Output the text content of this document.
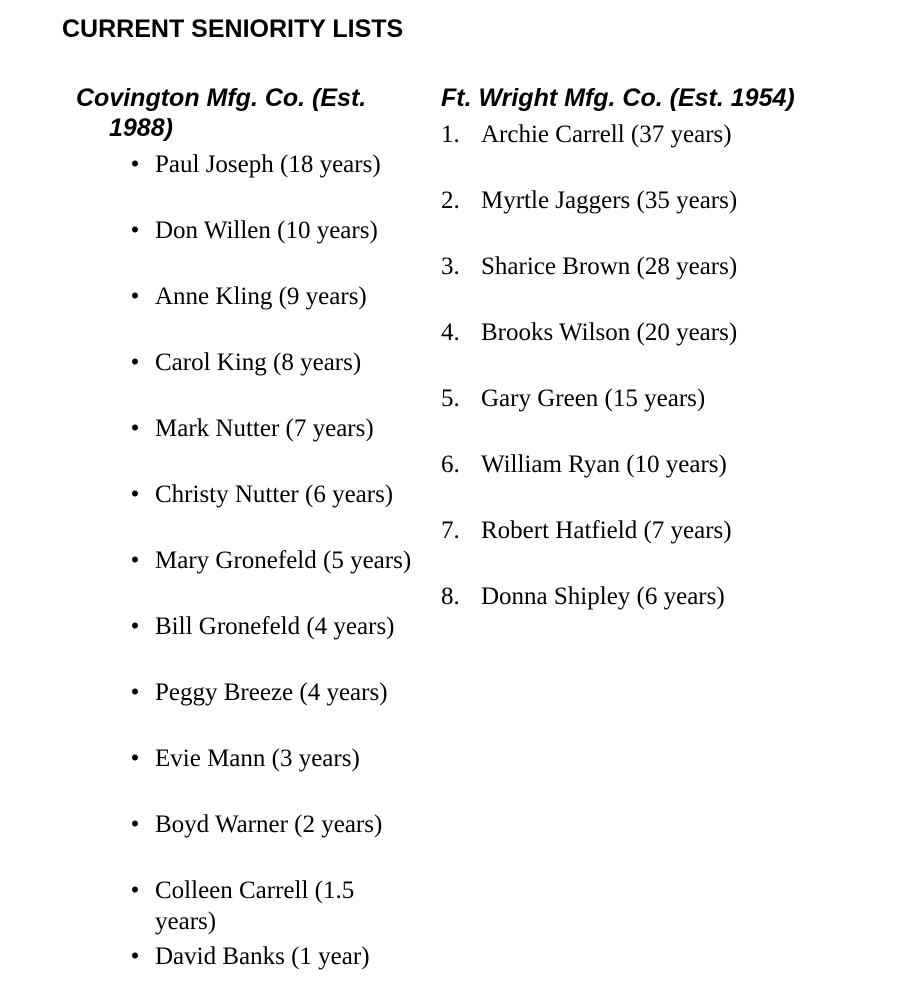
CURRENT SENIORITY LISTS
Covington Mfg. Co. (Est. 1988)
• Paul Joseph (18 years)
• Don Willen (10 years)
• Anne Kling (9 years)
• Carol King (8 years)
• Mark Nutter (7 years)
• Christy Nutter (6 years)
• Mary Gronefeld (5 years)
• Bill Gronefeld (4 years)
• Peggy Breeze (4 years)
• Evie Mann (3 years)
• Boyd Warner (2 years)
• Colleen Carrell (1.5 years)
• David Banks (1 year)
Ft. Wright Mfg. Co. (Est. 1954)
1. Archie Carrell (37 years)
2. Myrtle Jaggers (35 years)
3. Sharice Brown (28 years)
4. Brooks Wilson (20 years)
5. Gary Green (15 years)
6. William Ryan (10 years)
7. Robert Hatfield (7 years)
8. Donna Shipley (6 years)
